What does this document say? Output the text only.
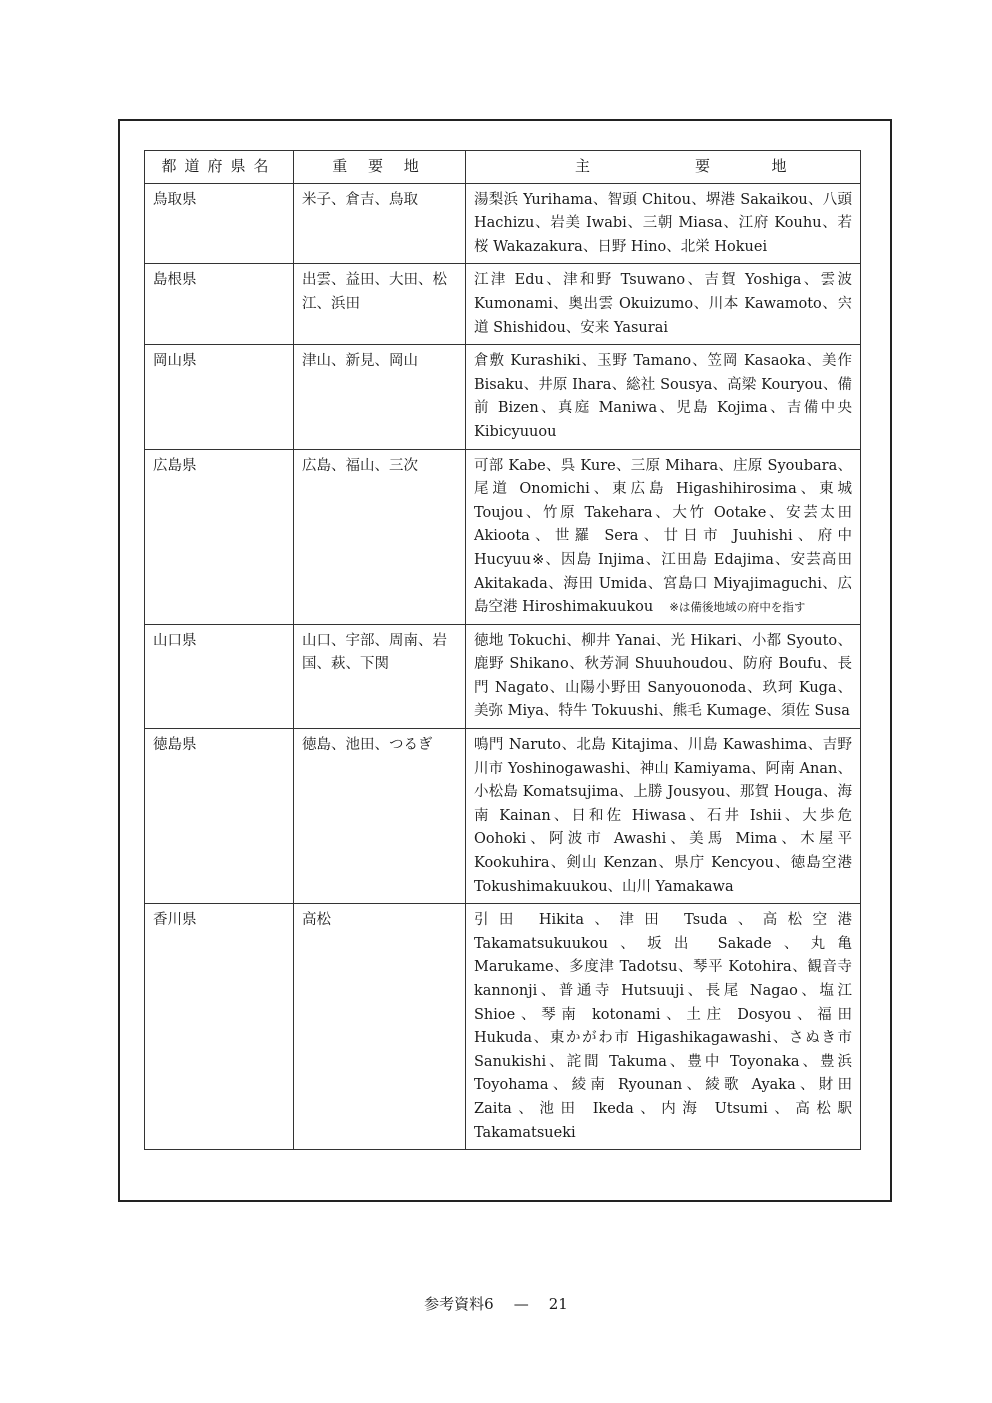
都道府県名	重 要 地	主 要 地
鳥取県	米子、倉吉、鳥取	湯梨浜 Yurihama、智頭 Chitou、堺港 Sakaikou、八頭 Hachizu、岩美 Iwabi、三朝 Miasa、江府 Kouhu、若桜 Wakazakura、日野 Hino、北栄 Hokuei
島根県	出雲、益田、大田、松江、浜田	江津 Edu、津和野 Tsuwano、吉賀 Yoshiga、雲波 Kumonami、奥出雲 Okuizumo、川本 Kawamoto、宍道 Shishidou、安来 Yasurai
岡山県	津山、新見、岡山	倉敷 Kurashiki、玉野 Tamano、笠岡 Kasaoka、美作 Bisaku、井原 Ihara、総社 Sousya、高梁 Kouryou、備前 Bizen、真庭 Maniwa、児島 Kojima、吉備中央 Kibicyuuou
広島県	広島、福山、三次	可部 Kabe、呉 Kure、三原 Mihara、庄原 Syoubara、尾道 Onomichi、東広島 Higashihirosima、東城 Toujou、竹原 Takehara、大竹 Ootake、安芸太田 Akioota、世羅 Sera、廿日市 Juuhishi、府中 Hucyuu※、因島 Injima、江田島 Edajima、安芸高田 Akitakada、海田 Umida、宮島口 Miyajimaguchi、広島空港 Hiroshimakuukou ※は備後地域の府中を指す
山口県	山口、宇部、周南、岩国、萩、下関	徳地 Tokuchi、柳井 Yanai、光 Hikari、小都 Syouto、鹿野 Shikano、秋芳洞 Shuuhoudou、防府 Boufu、長門 Nagato、山陽小野田 Sanyouonoda、玖珂 Kuga、美弥 Miya、特牛 Tokuushi、熊毛 Kumage、須佐 Susa
徳島県	徳島、池田、つるぎ	鳴門 Naruto、北島 Kitajima、川島 Kawashima、吉野川市 Yoshinogawashi、神山 Kamiyama、阿南 Anan、小松島 Komatsujima、上勝 Jousyou、那賀 Houga、海南 Kainan、日和佐 Hiwasa、石井 Ishii、大歩危 Oohoki、阿波市 Awashi、美馬 Mima、木屋平 Kookuhira、剣山 Kenzan、県庁 Kencyou、徳島空港 Tokushimakuukou、山川 Yamakawa
香川県	高松	引田 Hikita、津田 Tsuda、高松空港 Takamatsukuukou、坂出 Sakade、丸亀 Marukame、多度津 Tadotsu、琴平 Kotohira、観音寺 kannonji、普通寺 Hutsuuji、長尾 Nagao、塩江 Shioe、琴南 kotonami、土庄 Dosyou、福田 Hukuda、東かがわ市 Higashikagawashi、さぬき市 Sanukishi、詫間 Takuma、豊中 Toyonaka、豊浜 Toyohama、綾南 Ryounan、綾歌 Ayaka、財田 Zaita、池田 Ikeda、内海 Utsumi、高松駅 Takamatsueki
参考資料6 — 21
